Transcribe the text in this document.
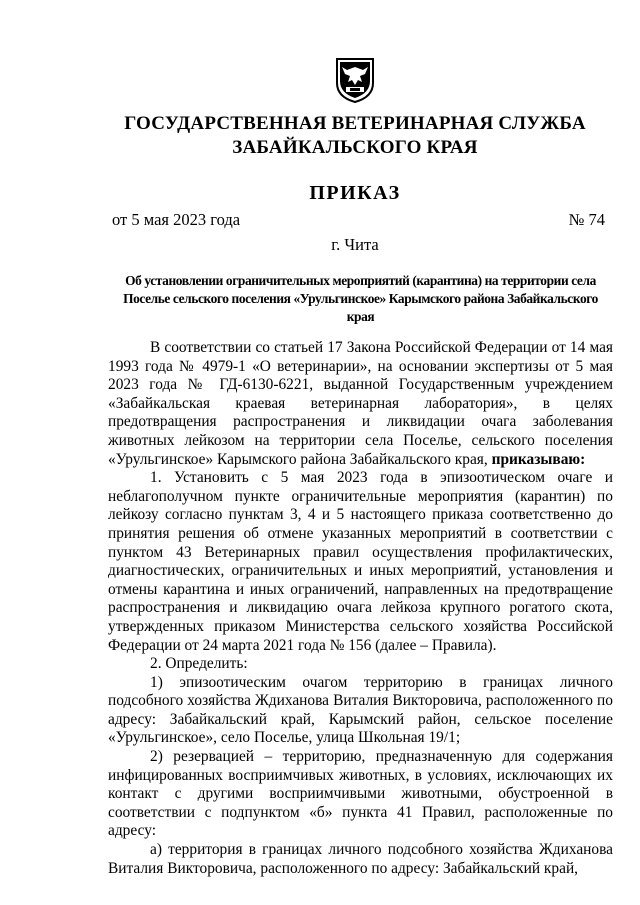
ГОСУДАРСТВЕННАЯ ВЕТЕРИНАРНАЯ СЛУЖБА
ЗАБАЙКАЛЬСКОГО КРАЯ
ПРИКАЗ
от 5 мая 2023 года	№ 74
г. Чита
Об установлении ограничительных мероприятий (карантина) на территории села Поселье сельского поселения «Урульгинское» Карымского района Забайкальского края

В соответствии со статьей 17 Закона Российской Федерации от 14 мая 1993 года № 4979-1 «О ветеринарии», на основании экспертизы от 5 мая 2023 года № ГД-6130-6221, выданной Государственным учреждением «Забайкальская краевая ветеринарная лаборатория», в целях предотвращения распространения и ликвидации очага заболевания животных лейкозом на территории села Поселье, сельского поселения «Урульгинское» Карымского района Забайкальского края, приказываю:

1. Установить с 5 мая 2023 года в эпизоотическом очаге и неблагополучном пункте ограничительные мероприятия (карантин) по лейкозу согласно пунктам 3, 4 и 5 настоящего приказа соответственно до принятия решения об отмене указанных мероприятий в соответствии с пунктом 43 Ветеринарных правил осуществления профилактических, диагностических, ограничительных и иных мероприятий, установления и отмены карантина и иных ограничений, направленных на предотвращение распространения и ликвидацию очага лейкоза крупного рогатого скота, утвержденных приказом Министерства сельского хозяйства Российской Федерации от 24 марта 2021 года № 156 (далее – Правила).

2. Определить:

1) эпизоотическим очагом территорию в границах личного подсобного хозяйства Ждиханова Виталия Викторовича, расположенного по адресу: Забайкальский край, Карымский район, сельское поселение «Урульгинское», село Поселье, улица Школьная 19/1;

2) резервацией – территорию, предназначенную для содержания инфицированных восприимчивых животных, в условиях, исключающих их контакт с другими восприимчивыми животными, обустроенной в соответствии с подпунктом «б» пункта 41 Правил, расположенные по адресу:

а) территория в границах личного подсобного хозяйства Ждиханова Виталия Викторовича, расположенного по адресу: Забайкальский край,
